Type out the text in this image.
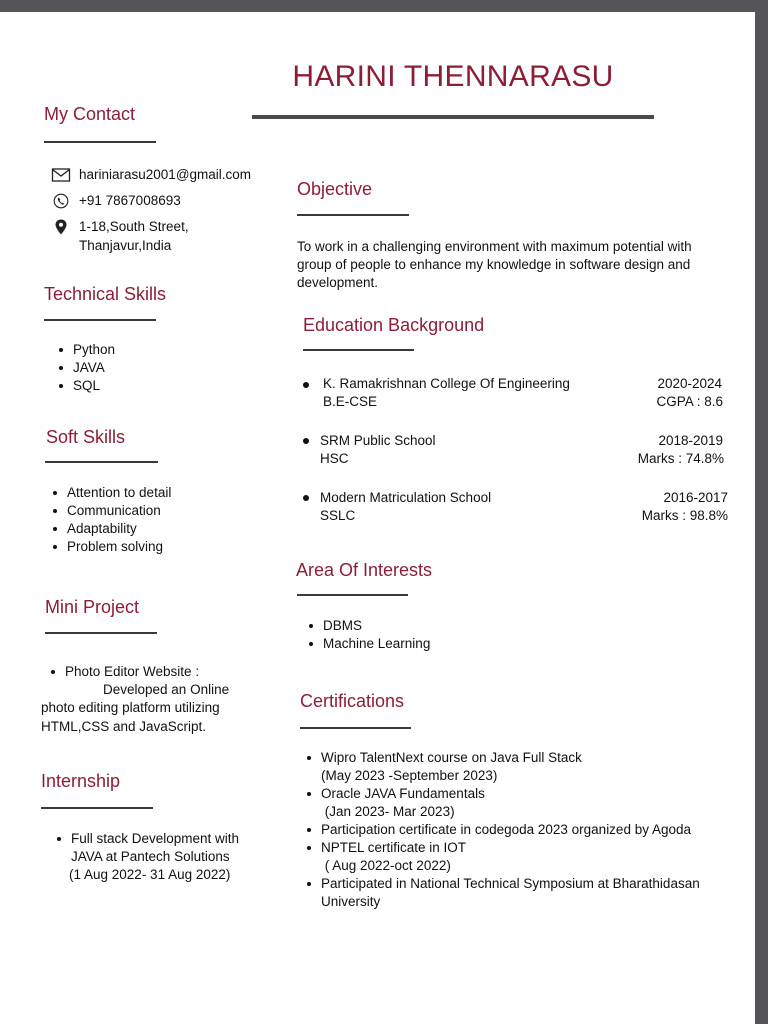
HARINI THENNARASU
My Contact
hariniarasu2001@gmail.com
+91 7867008693
1-18,South Street,
Thanjavur,India
Technical Skills
Python
JAVA
SQL
Soft Skills
Attention to detail
Communication
Adaptability
Problem solving
Mini Project
Photo Editor Website :
Developed an Online
photo editing platform utilizing
HTML,CSS and JavaScript.
Internship
Full stack Development with
JAVA at Pantech Solutions
(1 Aug 2022- 31 Aug 2022)
Objective
To work in a challenging environment with maximum potential with group of people to enhance my knowledge in software design and development.
Education Background
K. Ramakrishnan College Of Engineering
B.E-CSE
2020-2024
CGPA : 8.6
SRM Public School
HSC
2018-2019
Marks : 74.8%
Modern Matriculation School
SSLC
2016-2017
Marks : 98.8%
Area Of Interests
DBMS
Machine Learning
Certifications
Wipro TalentNext course on Java Full Stack
(May 2023 -September 2023)
Oracle JAVA Fundamentals
(Jan 2023- Mar 2023)
Participation certificate in codegoda 2023 organized by Agoda
NPTEL certificate in IOT
( Aug 2022-oct 2022)
Participated in National Technical Symposium at Bharathidasan
University
